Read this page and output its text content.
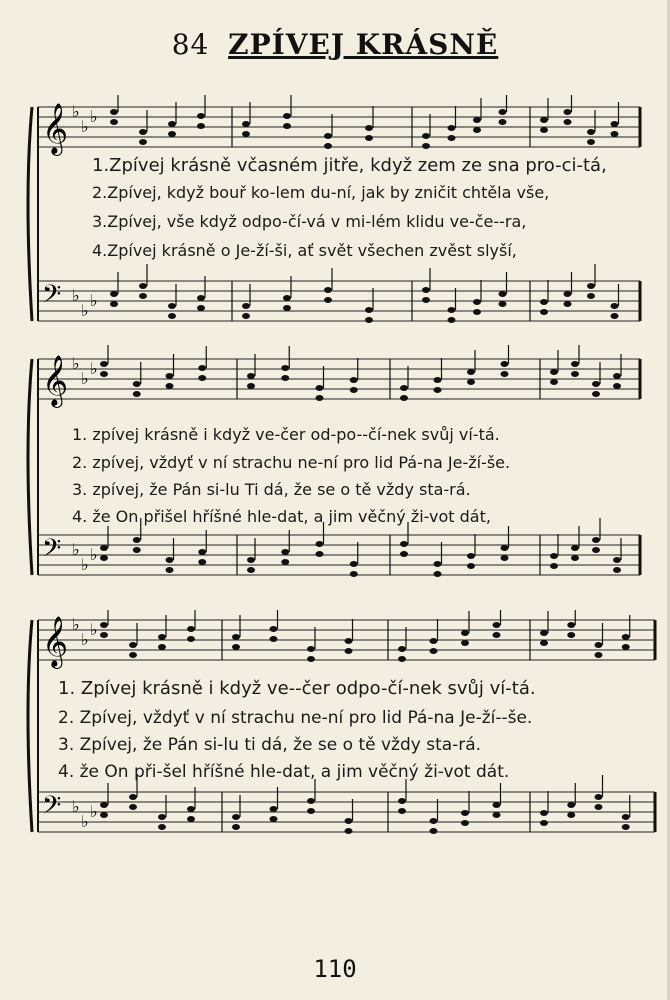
84 ZPÍVEJ KRÁSNĚ
𝄞 ♭
♭
♭
𝄢 ♭
♭
♭
1.Zpívej krásně včasném jitře, když zem ze sna pro-ci-tá,
2.Zpívej, když bouř ko-lem du-ní, jak by zničit chtěla vše,
3.Zpívej, vše když odpo-čí-vá v mi-lém klidu ve-če--ra,
4.Zpívej krásně o Je-ží-ši, ať svět všechen zvěst slyší,
𝄞 ♭
♭
♭
𝄢 ♭
♭
♭
1. zpívej krásně i když ve-čer od-po--čí-nek svůj ví-tá.
2. zpívej, vždyť v ní strachu ne-ní pro lid Pá-na Je-ží-še.
3. zpívej, že Pán si-lu Ti dá, že se o tě vždy sta-rá.
4. že On přišel hříšné hle-dat, a jim věčný ži-vot dát,
𝄞 ♭
♭
♭
𝄢 ♭
♭
♭
1. Zpívej krásně i když ve--čer odpo-čí-nek svůj ví-tá.
2. Zpívej, vždyť v ní strachu ne-ní pro lid Pá-na Je-ží--še.
3. Zpívej, že Pán si-lu ti dá, že se o tě vždy sta-rá.
4. že On při-šel hříšné hle-dat, a jim věčný ži-vot dát.
110
